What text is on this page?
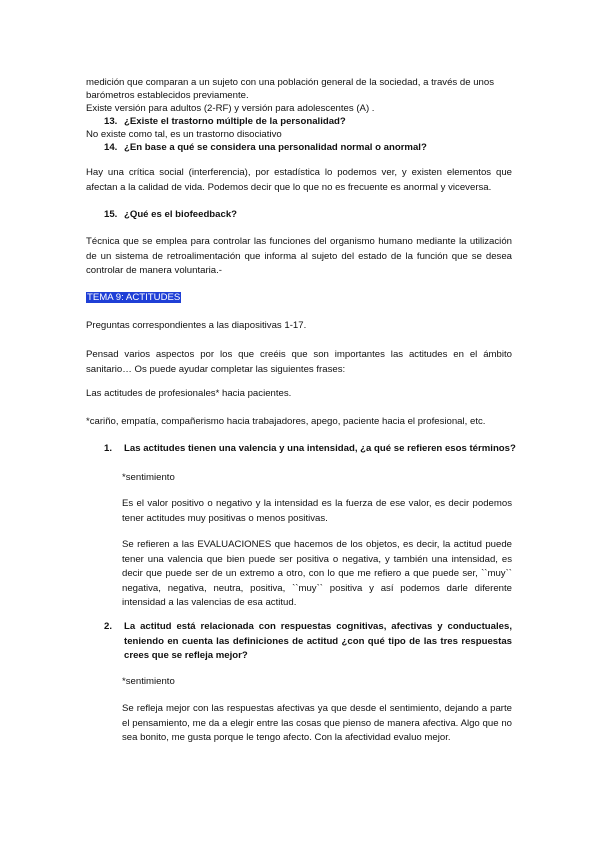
medición que comparan a un sujeto con una población general de la sociedad, a través de unos
barómetros establecidos previamente.
Existe versión para adultos (2-RF) y versión para adolescentes (A) .
13. ¿Existe el trastorno múltiple de la personalidad?
No existe como tal, es un trastorno disociativo
14. ¿En base a qué se considera una personalidad normal o anormal?
Hay una crítica social (interferencia), por estadística lo podemos ver, y existen elementos que afectan a la calidad de vida. Podemos decir que lo que no es frecuente es anormal y viceversa.
15. ¿Qué es el biofeedback?
Técnica que se emplea para controlar las funciones del organismo humano mediante la utilización de un sistema de retroalimentación que informa al sujeto del estado de la función que se desea controlar de manera voluntaria.-
TEMA 9: ACTITUDES
Preguntas correspondientes a las diapositivas 1-17.
Pensad varios aspectos por los que creéis que son importantes las actitudes en el ámbito sanitario… Os puede ayudar completar las siguientes frases:
Las actitudes de profesionales* hacia pacientes.
*cariño, empatía, compañerismo hacia trabajadores, apego, paciente hacia el profesional, etc.
1. Las actitudes tienen una valencia y una intensidad, ¿a qué se refieren esos términos?
*sentimiento
Es el valor positivo o negativo y la intensidad es la fuerza de ese valor, es decir podemos tener actitudes muy positivas o menos positivas.
Se refieren a las EVALUACIONES que hacemos de los objetos, es decir, la actitud puede tener una valencia que bien puede ser positiva o negativa, y también una intensidad, es decir que puede ser de un extremo a otro, con lo que me refiero a que puede ser, ``muy`` negativa, negativa, neutra, positiva, ``muy`` positiva y así podemos darle diferente intensidad a las valencias de esa actitud.
2. La actitud está relacionada con respuestas cognitivas, afectivas y conductuales, teniendo en cuenta las definiciones de actitud ¿con qué tipo de las tres respuestas crees que se refleja mejor?
*sentimiento
Se refleja mejor con las respuestas afectivas ya que desde el sentimiento, dejando a parte el pensamiento, me da a elegir entre las cosas que pienso de manera afectiva. Algo que no sea bonito, me gusta porque le tengo afecto. Con la afectividad evaluo mejor.
